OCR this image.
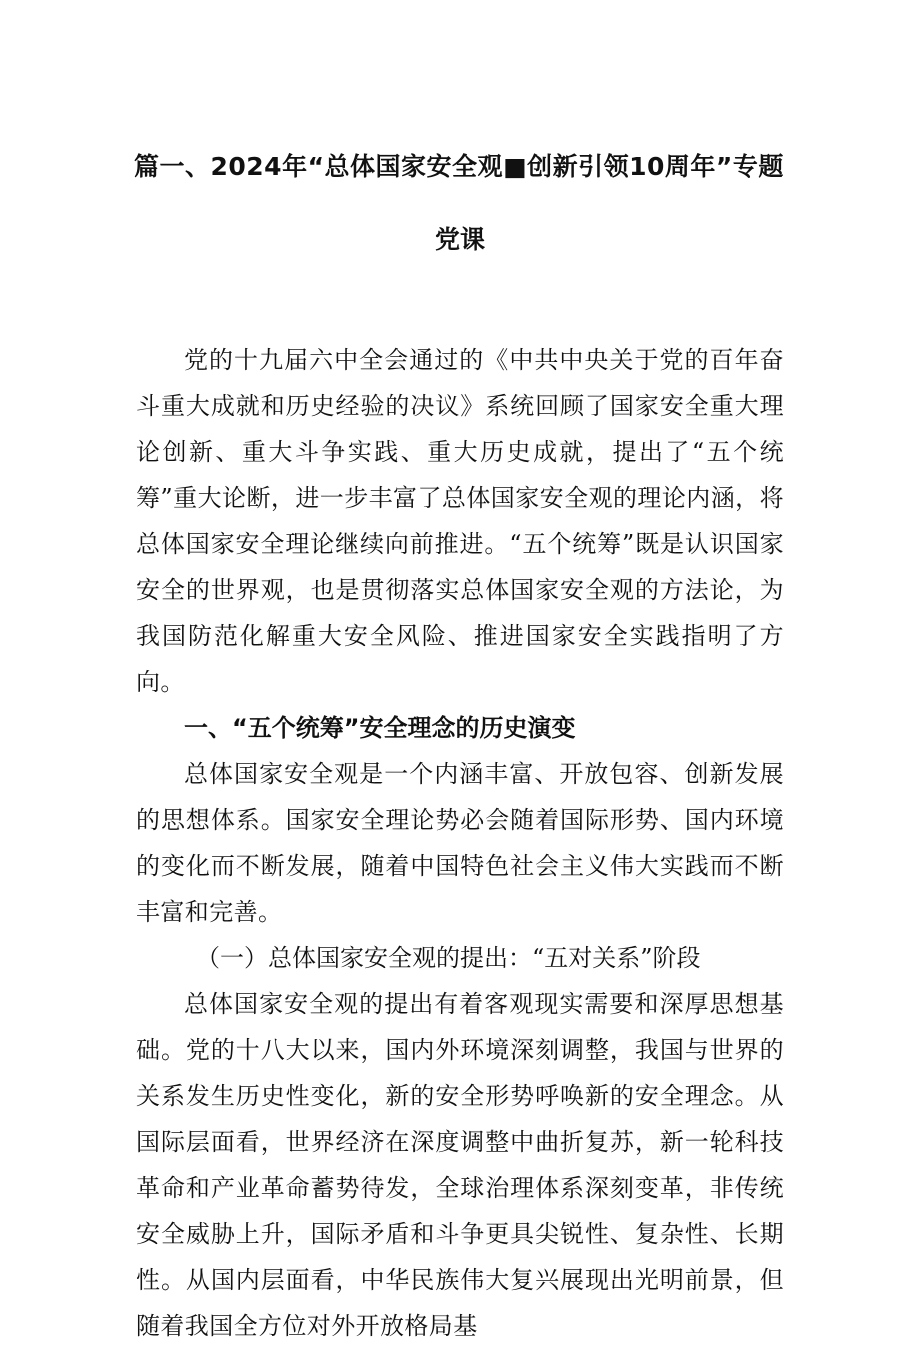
篇一、2024年“总体国家安全观■创新引领10周年”专题
党课

党的十九届六中全会通过的《中共中央关于党的百年奋斗重大成就和历史经验的决议》系统回顾了国家安全重大理论创新、重大斗争实践、重大历史成就，提出了“五个统筹”重大论断，进一步丰富了总体国家安全观的理论内涵，将总体国家安全理论继续向前推进。“五个统筹”既是认识国家安全的世界观，也是贯彻落实总体国家安全观的方法论，为我国防范化解重大安全风险、推进国家安全实践指明了方向。

一、“五个统筹”安全理念的历史演变

总体国家安全观是一个内涵丰富、开放包容、创新发展的思想体系。国家安全理论势必会随着国际形势、国内环境的变化而不断发展，随着中国特色社会主义伟大实践而不断丰富和完善。

（一）总体国家安全观的提出：“五对关系”阶段

总体国家安全观的提出有着客观现实需要和深厚思想基础。党的十八大以来，国内外环境深刻调整，我国与世界的关系发生历史性变化，新的安全形势呼唤新的安全理念。从国际层面看，世界经济在深度调整中曲折复苏，新一轮科技革命和产业革命蓄势待发，全球治理体系深刻变革，非传统安全威胁上升，国际矛盾和斗争更具尖锐性、复杂性、长期性。从国内层面看，中华民族伟大复兴展现出光明前景，但随着我国全方位对外开放格局基
